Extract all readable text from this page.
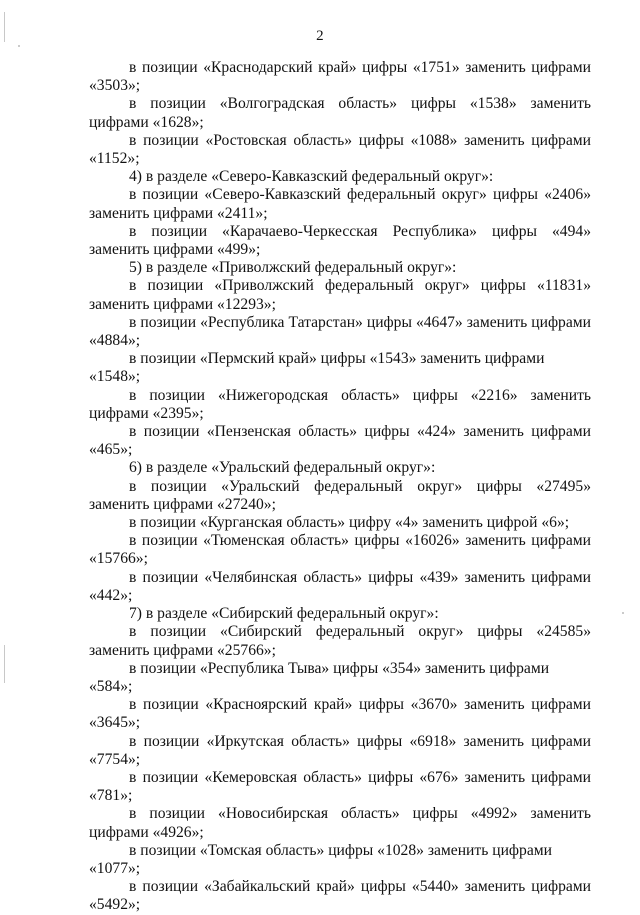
2

в позиции «Краснодарский край» цифры «1751» заменить цифрами «3503»;

в позиции «Волгоградская область» цифры «1538» заменить цифрами «1628»;

в позиции «Ростовская область» цифры «1088» заменить цифрами «1152»;

4) в разделе «Северо-Кавказский федеральный округ»:

в позиции «Северо-Кавказский федеральный округ» цифры «2406» заменить цифрами «2411»;

в позиции «Карачаево-Черкесская Республика» цифры «494» заменить цифрами «499»;

5) в разделе «Приволжский федеральный округ»:

в позиции «Приволжский федеральный округ» цифры «11831» заменить цифрами «12293»;

в позиции «Республика Татарстан» цифры «4647» заменить цифрами «4884»;

в позиции «Пермский край» цифры «1543» заменить цифрами «1548»;

в позиции «Нижегородская область» цифры «2216» заменить цифрами «2395»;

в позиции «Пензенская область» цифры «424» заменить цифрами «465»;

6) в разделе «Уральский федеральный округ»:

в позиции «Уральский федеральный округ» цифры «27495» заменить цифрами «27240»;

в позиции «Курганская область» цифру «4» заменить цифрой «6»;

в позиции «Тюменская область» цифры «16026» заменить цифрами «15766»;

в позиции «Челябинская область» цифры «439» заменить цифрами «442»;

7) в разделе «Сибирский федеральный округ»:

в позиции «Сибирский федеральный округ» цифры «24585» заменить цифрами «25766»;

в позиции «Республика Тыва» цифры «354» заменить цифрами «584»;

в позиции «Красноярский край» цифры «3670» заменить цифрами «3645»;

в позиции «Иркутская область» цифры «6918» заменить цифрами «7754»;

в позиции «Кемеровская область» цифры «676» заменить цифрами «781»;

в позиции «Новосибирская область» цифры «4992» заменить цифрами «4926»;

в позиции «Томская область» цифры «1028» заменить цифрами «1077»;

в позиции «Забайкальский край» цифры «5440» заменить цифрами «5492»;
